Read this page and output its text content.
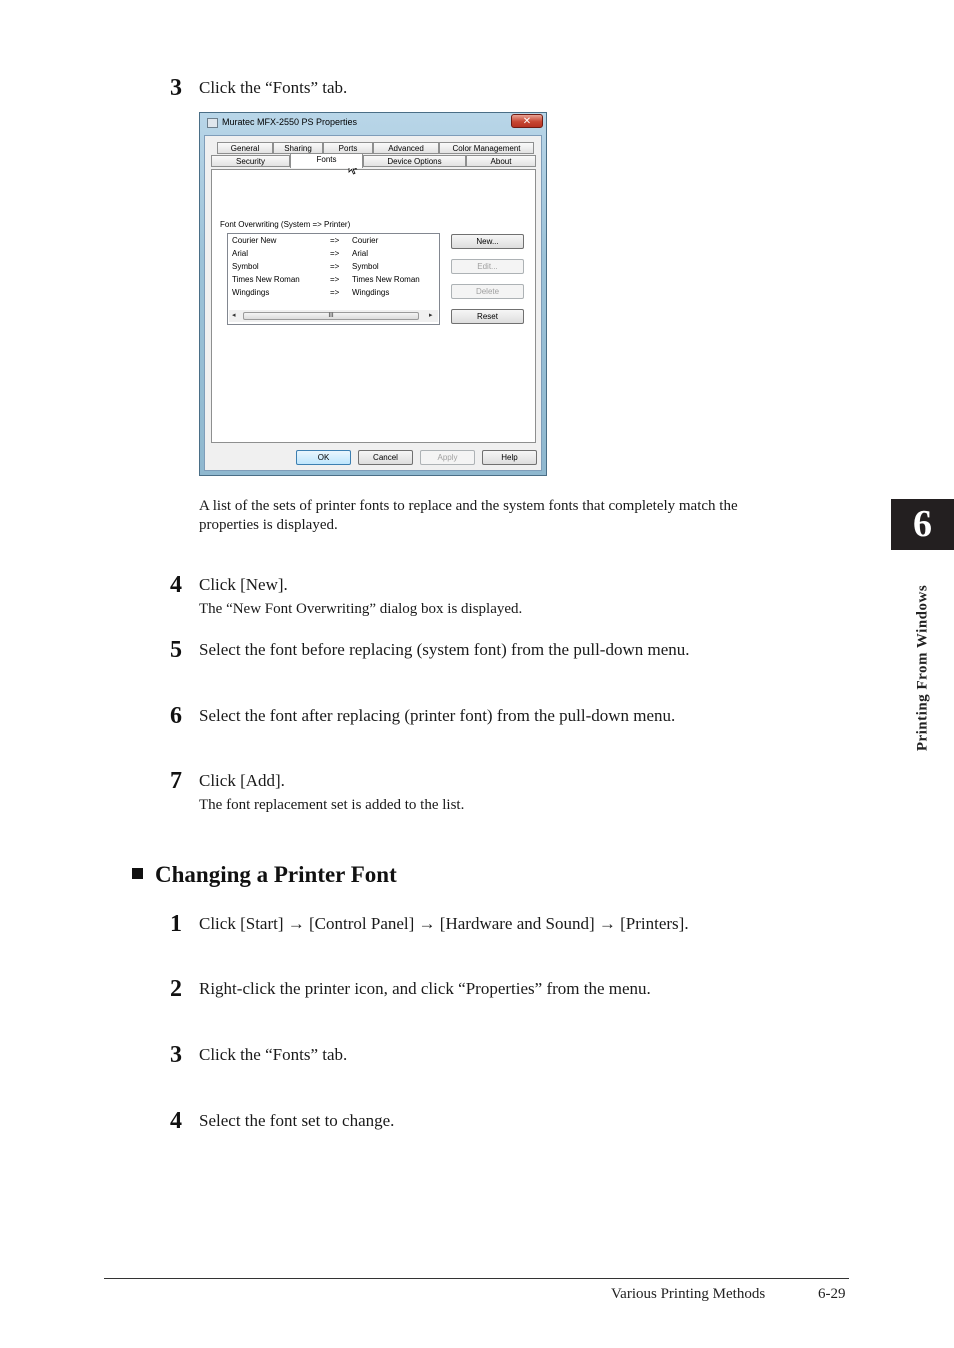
3 Click the “Fonts” tab.
Muratec MFX-2550 PS Properties	✕
General	Sharing	Ports	Advanced	Color Management
Security	Fonts	Device Options	About
Font Overwriting (System => Printer)
Courier New	=> Courier
Arial	=> Arial
Symbol	=> Symbol
Times New Roman	=> Times New Roman
Wingdings	=> Wingdings
◂	III	▸
New...
Edit...
Delete
Reset
OK	Cancel	Apply	Help
A list of the sets of printer fonts to replace and the system fonts that completely match the
properties is displayed.
4 Click [New].
The “New Font Overwriting” dialog box is displayed.
5 Select the font before replacing (system font) from the pull-down menu.
6 Select the font after replacing (printer font) from the pull-down menu.
7 Click [Add].
The font replacement set is added to the list.
Changing a Printer Font
1 Click [Start] → [Control Panel] → [Hardware and Sound] → [Printers].
2 Right-click the printer icon, and click “Properties” from the menu.
3 Click the “Fonts” tab.
4 Select the font set to change.
6
Printing From Windows
Various Printing Methods	6-29
